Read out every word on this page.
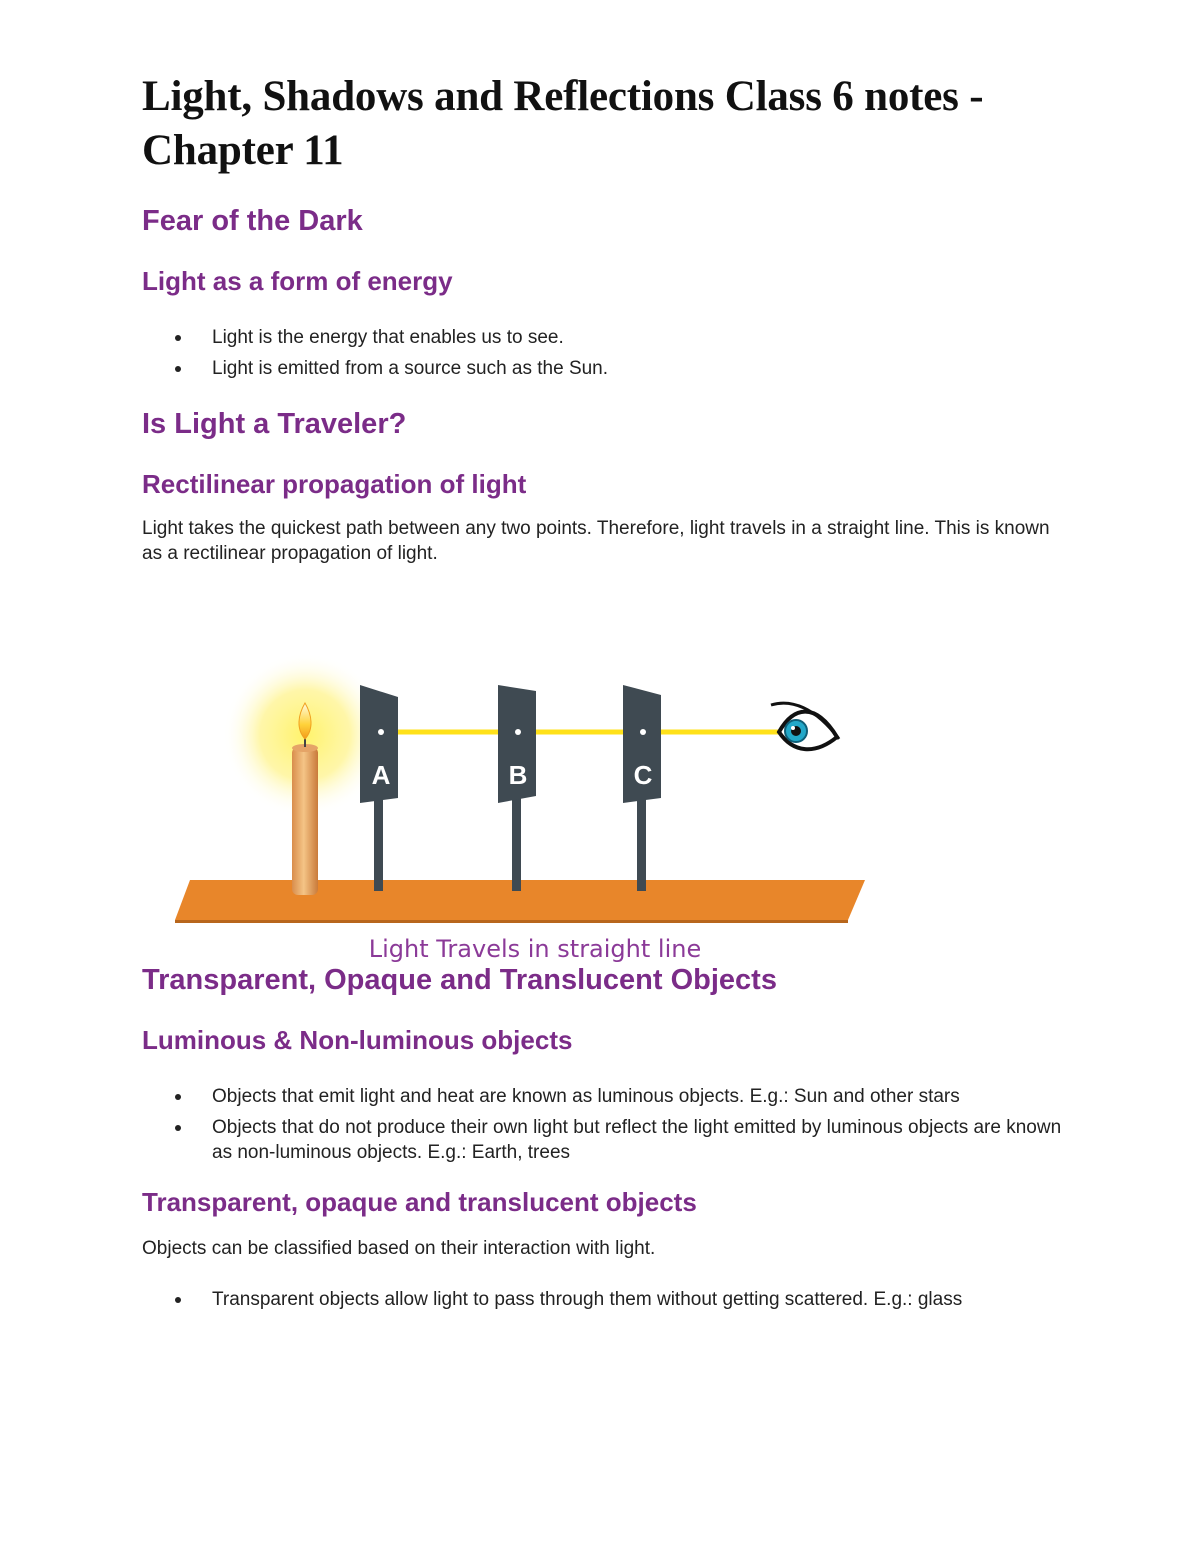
Light, Shadows and Reflections Class 6 notes - Chapter 11
Fear of the Dark
Light as a form of energy
Light is the energy that enables us to see.
Light is emitted from a source such as the Sun.
Is Light a Traveler?
Rectilinear propagation of light

Light takes the quickest path between any two points. Therefore, light travels in a straight line. This is known as a rectilinear propagation of light.

Transparent, Opaque and Translucent Objects
Luminous & Non-luminous objects
Objects that emit light and heat are known as luminous objects. E.g.: Sun and other stars
Objects that do not produce their own light but reflect the light emitted by luminous objects are known as non-luminous objects. E.g.: Earth, trees
Transparent, opaque and translucent objects

Objects can be classified based on their interaction with light.

Transparent objects allow light to pass through them without getting scattered. E.g.: glass
A	B	C
Light Travels in straight line
